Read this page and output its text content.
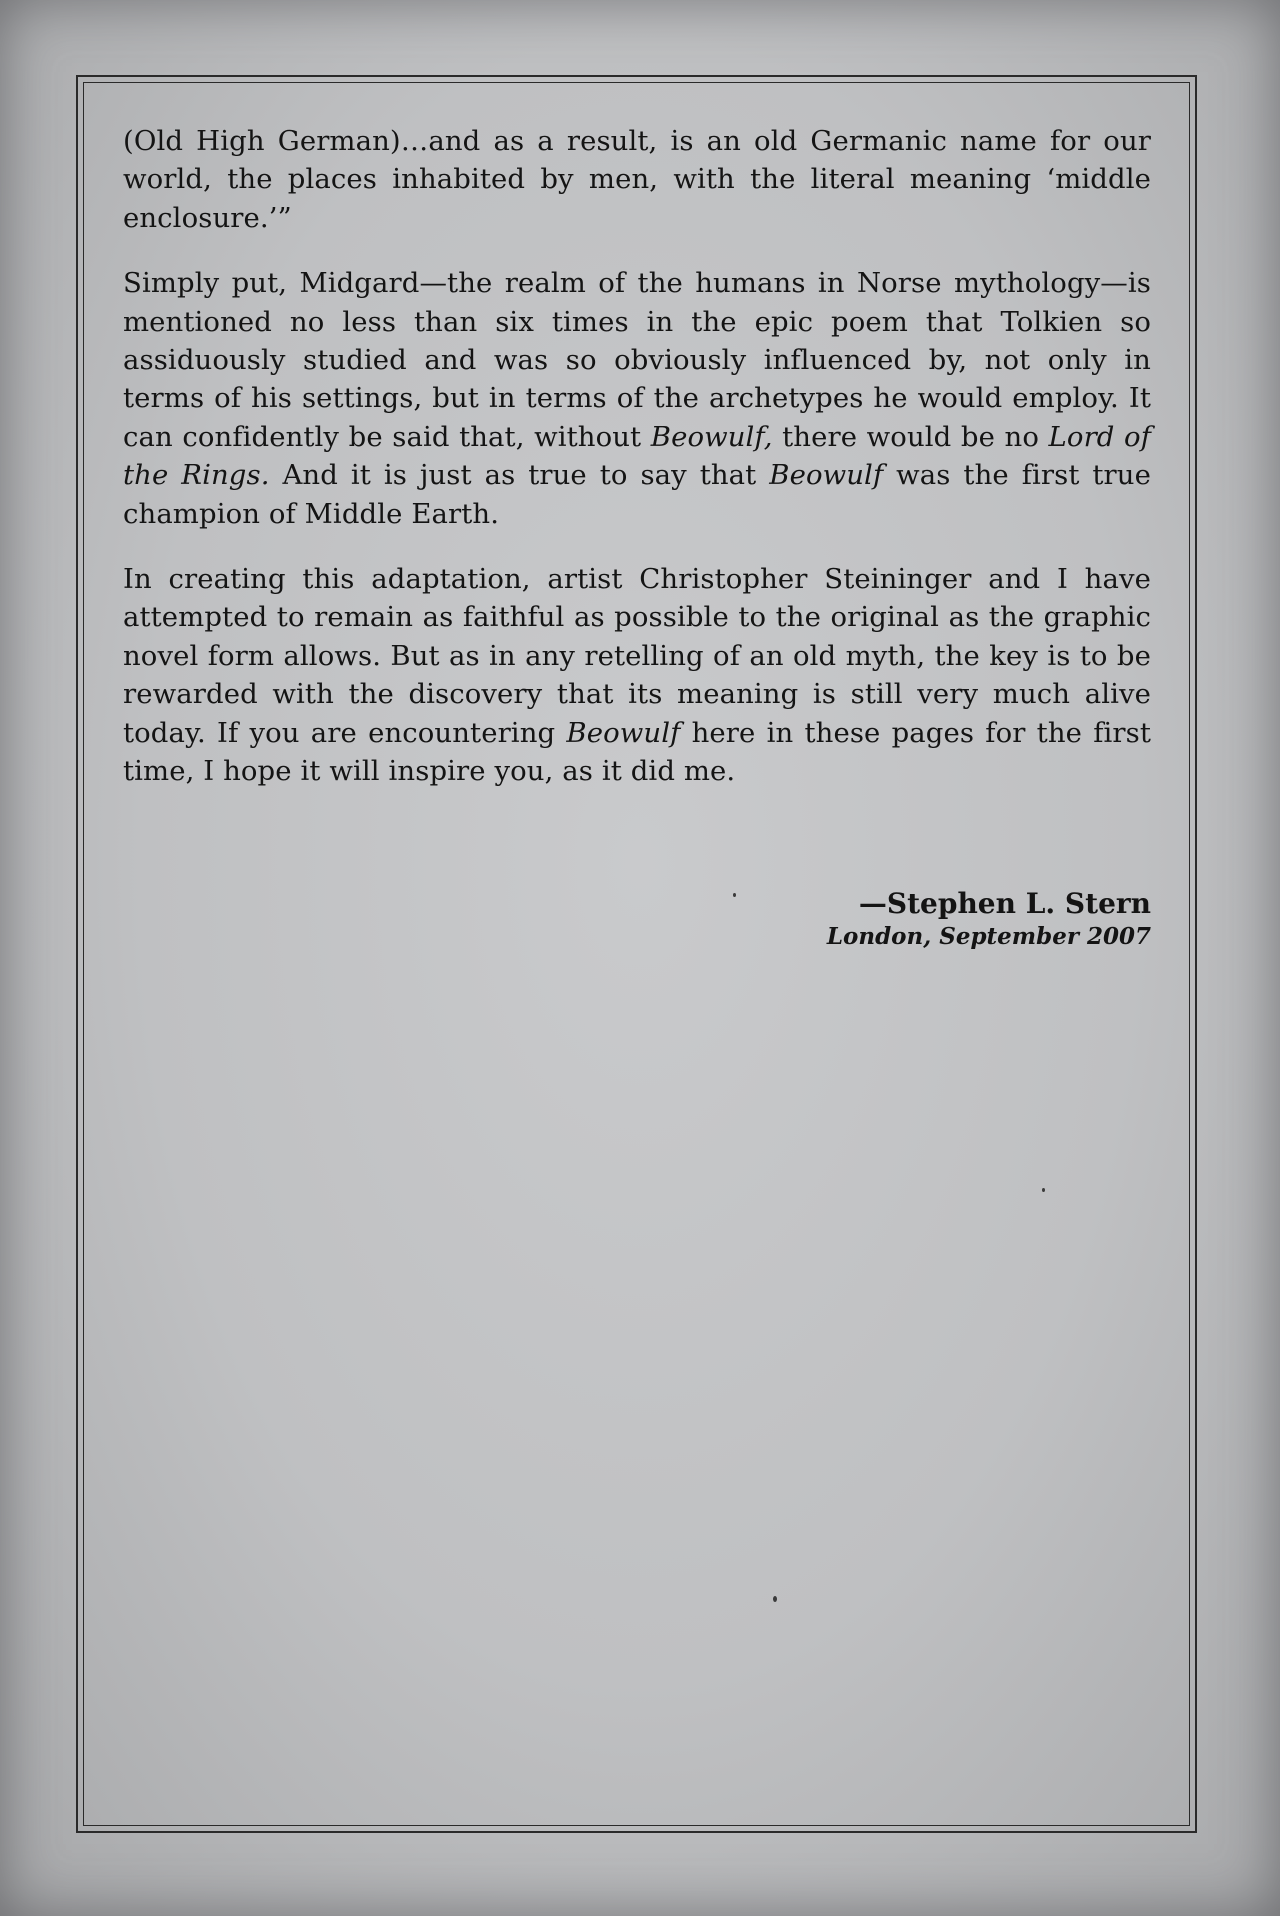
(Old High German)…and as a result, is an old Germanic name for our world, the places inhabited by men, with the literal meaning ‘middle enclosure.’”

Simply put, Midgard—the realm of the humans in Norse mythology—is mentioned no less than six times in the epic poem that Tolkien so assiduously studied and was so obviously influenced by, not only in terms of his settings, but in terms of the archetypes he would employ. It can confidently be said that, without Beowulf, there would be no Lord of the Rings. And it is just as true to say that Beowulf was the first true champion of Middle Earth.

In creating this adaptation, artist Christopher Steininger and I have attempted to remain as faithful as possible to the original as the graphic novel form allows. But as in any retelling of an old myth, the key is to be rewarded with the discovery that its meaning is still very much alive today. If you are encountering Beowulf here in these pages for the first time, I hope it will inspire you, as it did me.

—Stephen L. Stern
London, September 2007
